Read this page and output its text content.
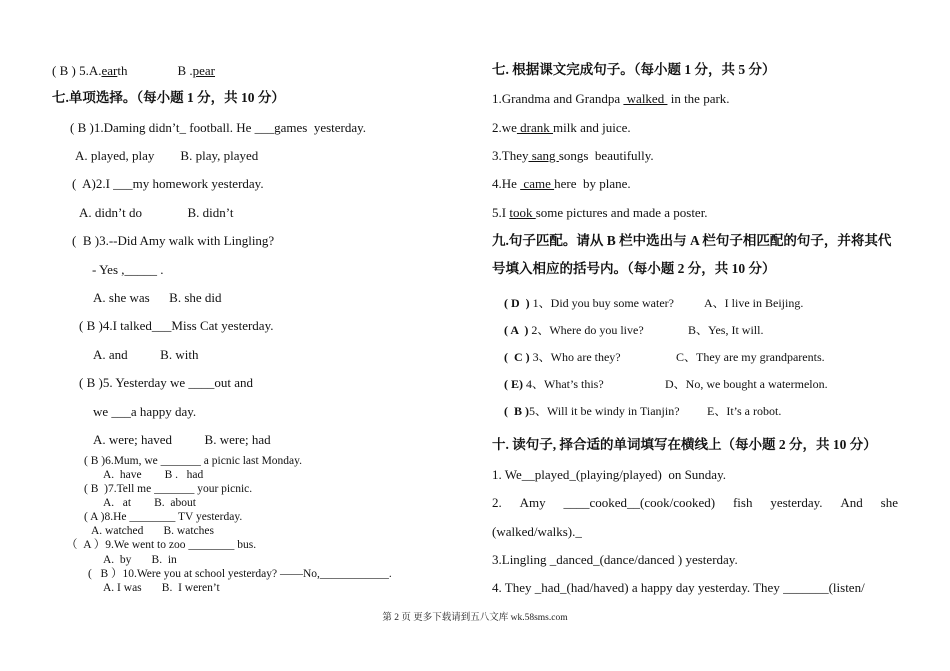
( B ) 5.A.earth	B .pear
七.单项选择。（每小题 1 分，共 10 分）
( B )1.Daming didn’t_ football. He ___games  yesterday.
A. played, play        B. play, played
(  A)2.I ___my homework yesterday.
A. didn’t do              B. didn’t
(  B )3.--Did Amy walk with Lingling?
- Yes ,_____ .
A. she was      B. she did
( B )4.I talked___Miss Cat yesterday.
A. and          B. with
( B )5. Yesterday we ____out and
we ___a happy day.
A. were; haved          B. were; had
( B )6.Mum, we _______ a picnic last Monday.
A.  have        B .   had
( B  )7.Tell me _______ your picnic.
A.   at        B.  about
( A )8.He ________ TV yesterday.
A. watched       B. watches
（  A ）9.We went to zoo ________ bus.
A.  by       B.  in
(   B ）10.Were you at school yesterday? ——No,____________.
A. I was       B.  I weren’t
七. 根据课文完成句子。（每小题 1 分，共 5 分）
1.Grandma and Grandpa  walked  in the park.
2.we drank milk and juice.
3.They sang songs  beautifully.
4.He  came here  by plane.
5.I took some pictures and made a poster.
九.句子匹配。请从 B 栏中选出与 A 栏句子相匹配的句子，并将其代
号填入相应的括号内。（每小题 2 分，共 10 分）
( D  ) 1、Did you buy some water?	A、I live in Beijing.
( A  ) 2、Where do you live?	B、Yes, It will.
(  C ) 3、Who are they?	C、They are my grandparents.
( E) 4、What’s this?	D、No, we bought a watermelon.
(  B )5、Will it be windy in Tianjin? E、It’s a robot.
十. 读句子, 择合适的单词填写在横线上（每小题 2 分，共 10 分）
1. We__played_(playing/played)  on Sunday.
2. Amy ____cooked__(cook/cooked) fish yesterday. And she
(walked/walks)._
3.Lingling _danced_(dance/danced ) yesterday.
4. They _had_(had/haved) a happy day yesterday. They _______(listen/
第 2 页 更多下载请到五八文库 wk.58sms.com
